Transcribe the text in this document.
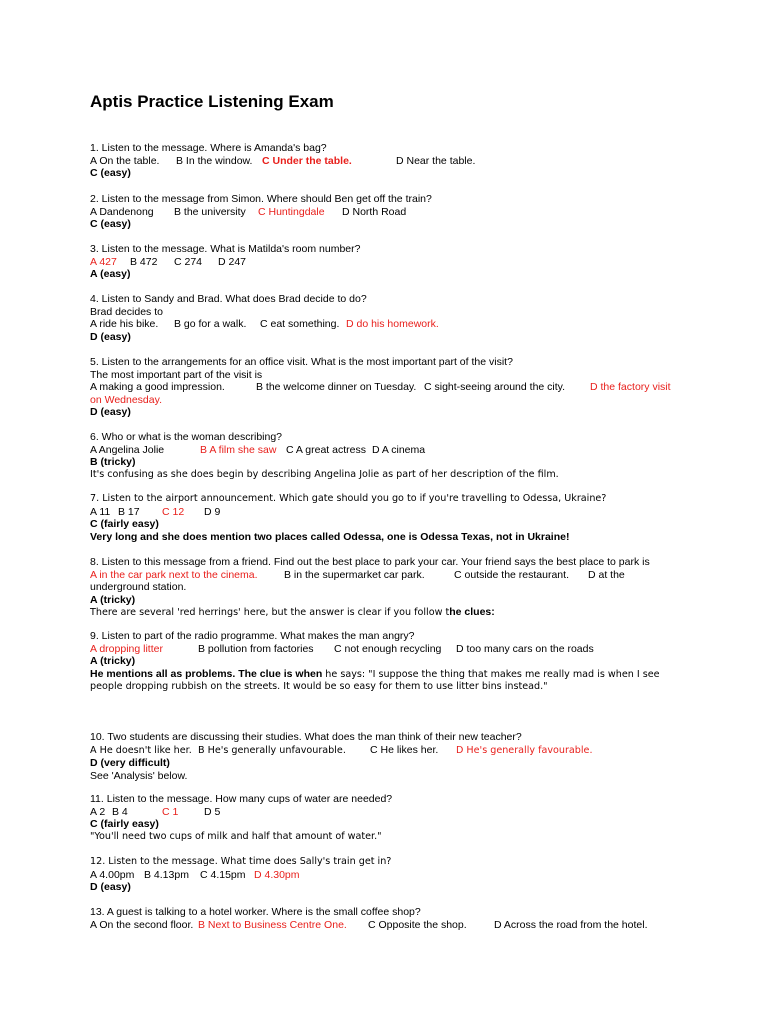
Aptis Practice Listening Exam
1. Listen to the message. Where is Amanda's bag?
A On the table. B In the window. C Under the table.	D Near the table.
C (easy)
2. Listen to the message from Simon. Where should Ben get off the train?
A Dandenong B the university C Huntingdale D North Road
C (easy)
3. Listen to the message. What is Matilda's room number?
A 427 B 472 C 274 D 247
A (easy)
4. Listen to Sandy and Brad. What does Brad decide to do?
Brad decides to
A ride his bike. B go for a walk. C eat something. D do his homework.
D (easy)
5. Listen to the arrangements for an office visit. What is the most important part of the visit?
The most important part of the visit is
A making a good impression.	B the welcome dinner on Tuesday. C sight-seeing around the city. D the factory visit
on Wednesday.
D (easy)
6. Who or what is the woman describing?
A Angelina Jolie	B A film she saw C A great actress D A cinema
B (tricky)
It's confusing as she does begin by describing Angelina Jolie as part of her description of the film.
7. Listen to the airport announcement. Which gate should you go to if you're travelling to Odessa, Ukraine?
A 11 B 17 C 12 D 9
C (fairly easy)
Very long and she does mention two places called Odessa, one is Odessa Texas, not in Ukraine!
8. Listen to this message from a friend. Find out the best place to park your car. Your friend says the best place to park is
A in the car park next to the cinema.	B in the supermarket car park.	C outside the restaurant. D at the
underground station.
A (tricky)
There are several 'red herrings' here, but the answer is clear if you follow the clues:
9. Listen to part of the radio programme. What makes the man angry?
A dropping litter	B pollution from factories C not enough recycling D too many cars on the roads
A (tricky)
He mentions all as problems. The clue is when he says: "I suppose the thing that makes me really mad is when I see
people dropping rubbish on the streets. It would be so easy for them to use litter bins instead."
10. Two students are discussing their studies. What does the man think of their new teacher?
A He doesn't like her. B He's generally unfavourable. C He likes her. D He's generally favourable.
D (very difficult)
See 'Analysis' below.
11. Listen to the message. How many cups of water are needed?
A 2 B 4	C 1 D 5
C (fairly easy)
"You'll need two cups of milk and half that amount of water."
12. Listen to the message. What time does Sally's train get in?
A 4.00pm B 4.13pm C 4.15pm D 4.30pm
D (easy)
13. A guest is talking to a hotel worker. Where is the small coffee shop?
A On the second floor. B Next to Business Centre One. C Opposite the shop.	D Across the road from the hotel.
